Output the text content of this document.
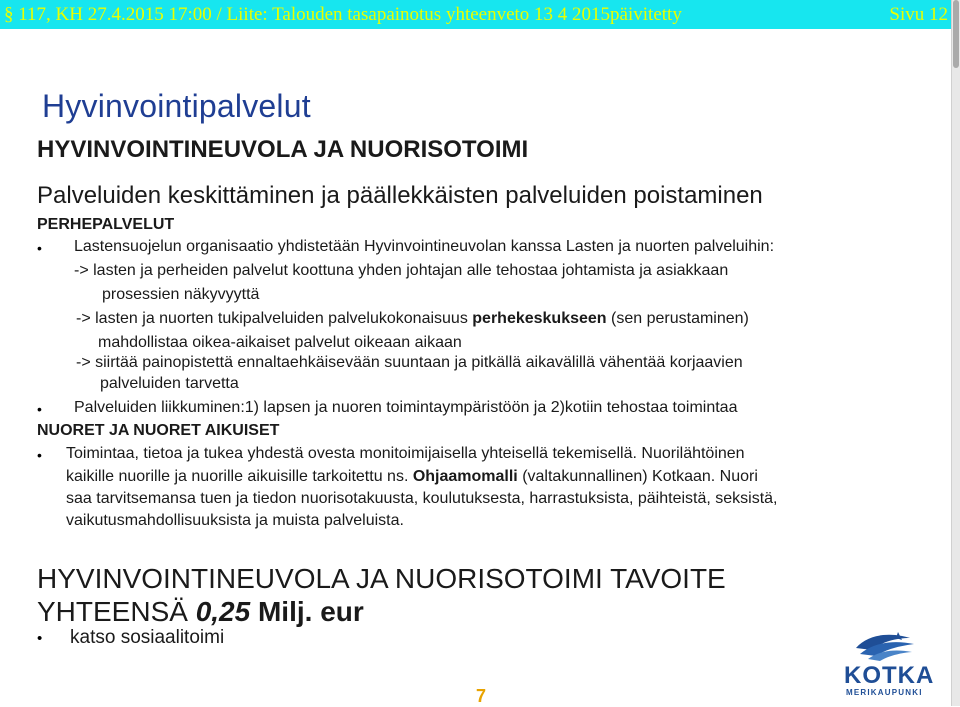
§ 117, KH 27.4.2015 17:00 / Liite: Talouden tasapainotus yhteenveto 13 4 2015päivitetty	Sivu 12
Hyvinvointipalvelut
HYVINVOINTINEUVOLA JA NUORISOTOIMI
Palveluiden keskittäminen ja päällekkäisten palveluiden poistaminen
PERHEPALVELUT
• Lastensuojelun organisaatio yhdistetään Hyvinvointineuvolan kanssa Lasten ja nuorten palveluihin:
-> lasten ja perheiden palvelut koottuna yhden johtajan alle tehostaa johtamista ja asiakkaan
prosessien näkyvyyttä
-> lasten ja nuorten tukipalveluiden palvelukokonaisuus perhekeskukseen (sen perustaminen)
mahdollistaa oikea-aikaiset palvelut oikeaan aikaan
-> siirtää painopistettä ennaltaehkäisevään suuntaan ja pitkällä aikavälillä vähentää korjaavien
palveluiden tarvetta
• Palveluiden liikkuminen:1) lapsen ja nuoren toimintaympäristöön ja 2)kotiin tehostaa toimintaa
NUORET JA NUORET AIKUISET
• Toimintaa, tietoa ja tukea yhdestä ovesta monitoimijaisella yhteisellä tekemisellä. Nuorilähtöinen
kaikille nuorille ja nuorille aikuisille tarkoitettu ns. Ohjaamomalli (valtakunnallinen) Kotkaan. Nuori
saa tarvitsemansa tuen ja tiedon nuorisotakuusta, koulutuksesta, harrastuksista, päihteistä, seksistä,
vaikutusmahdollisuuksista ja muista palveluista.
HYVINVOINTINEUVOLA JA NUORISOTOIMI TAVOITE
YHTEENSÄ 0,25 Milj. eur
• katso sosiaalitoimi
7
KOTKA
MERIKAUPUNKI
